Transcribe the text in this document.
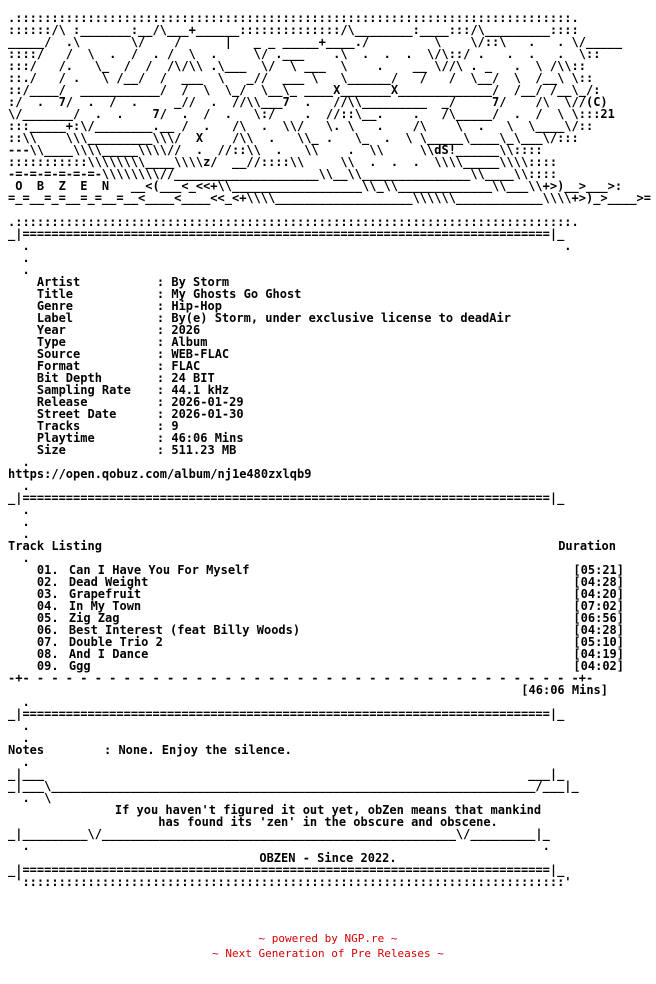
.:::::::::::::::::::::::::::::::::::::::::::::::::::::::::::::::::::::::::::::.
::::::/\ :_______:__/\___+______::::::::::::::/\________:____:::/\_________::::
_____/  .\       \/    /      |   _ _ _____+____./         \    \/::\   .   . \/_____
::::/   /  \  .  /  . /  \  .     \/ .___    .\  .  .  .  \/\::/ .   .  .   .  \::
:::/   /.   \_  /  /  /\/\\ .\___  \/  \ ___  \    .    __ \//\ . _   .  \ /\\::
::./   / .   \ /__/  /  ___  \   _//  ___ \   \______/   /   /  \__/  \  /__\ \::
::/____/  ___________/  /  \  \_/  \__\_ ____X_______X_____________/  /__/ /__\_/:
:/  .  7/  .  /  .     _//  .  //\\___7  .   //\\_________  _/     7/    /\  \//(C)
\/_______/  .  .    7/  .  /  .   \:/    .  //::\__.    .   /\_____/  .  /  \ \:::21
:::_____+:\/________.__ /  .   /\  .  \\/   \. \   .    /\    \  .   \  \____\/::
::\\    \\\_________\\\/  X    /\\  .   \\_ .   \_  .  \ \_____\____\_\___\/:::
---\\____\\\\_____\\\\//  .  //::\\  .   \\    .  \\     \\dS!______\\::::
:::::::::::\\\\\\\\____\\\\z/  __//::::\\     \\  .  .  .  \\\\_____\\\\::::
-=-=-=-=-=-=-\\\\\\\\//____________________\\__\\_______________\\____\\::::
O  B  Z  E  N   __<(___<_<<+\\__________________\\_\\_____________\\___\\+>)__>___>:
=_=__=_=__=_=__=__<____<____<<_<+\\\\___________________\\\\\\____________\\\\+>)_>____>=
.:::::::::::::::::::::::::::::::::::::::::::::::::::::::::::::::::::::::::::::.
_|=========================================================================|_
.                                                                          .
.
.

Artist	: By Storm

Title	: My Ghosts Go Ghost

Genre	: Hip-Hop

Label	: By(e) Storm, under exclusive license to deadAir

Year	: 2026

Type	: Album

Source	: WEB-FLAC

Format	: FLAC

Bit Depth	: 24 BIT

Sampling Rate	: 44.1 kHz

Release	: 2026-01-29

Street Date	: 2026-01-30

Tracks	: 9

Playtime	: 46:06 Mins

Size	: 511.23 MB
.
https://open.qobuz.com/album/nj1e480zxlqb9
.
_|=========================================================================|_
.
.
.
Track Listing	Duration
.

01. Can I Have You For Myself	[05:21]

02. Dead Weight	[04:28]

03. Grapefruit	[04:20]

04. In My Town	[07:02]

05. Zig Zag	[06:56]

06. Best Interest (feat Billy Woods)	[04:28]

07. Double Trio 2	[05:10]

08. And I Dance	[04:19]

09. Ggg	[04:02]
-+- - - - - - - - - - - - - - - - - - - - - - - - - - - - - - - - - - - - - - -+-
[46:06 Mins]
.
_|=========================================================================|_
.
.
Notes	: None. Enjoy the silence.
.
_|___                                                                   ___|_
_|___\___________________________________________________________________/___|_
.  \
If you haven't figured it out yet, obZen means that mankind
has found its 'zen' in the obscure and obscene.
_|_________\/_________________________________________________\/_________|_
.                                                                       .
OBZEN - Since 2022.
_|=========================================================================|_
':::::::::::::::::::::::::::::::::::::::::::::::::::::::::::::::::::::::::::'
~ powered by NGP.re ~
~ Next Generation of Pre Releases ~
